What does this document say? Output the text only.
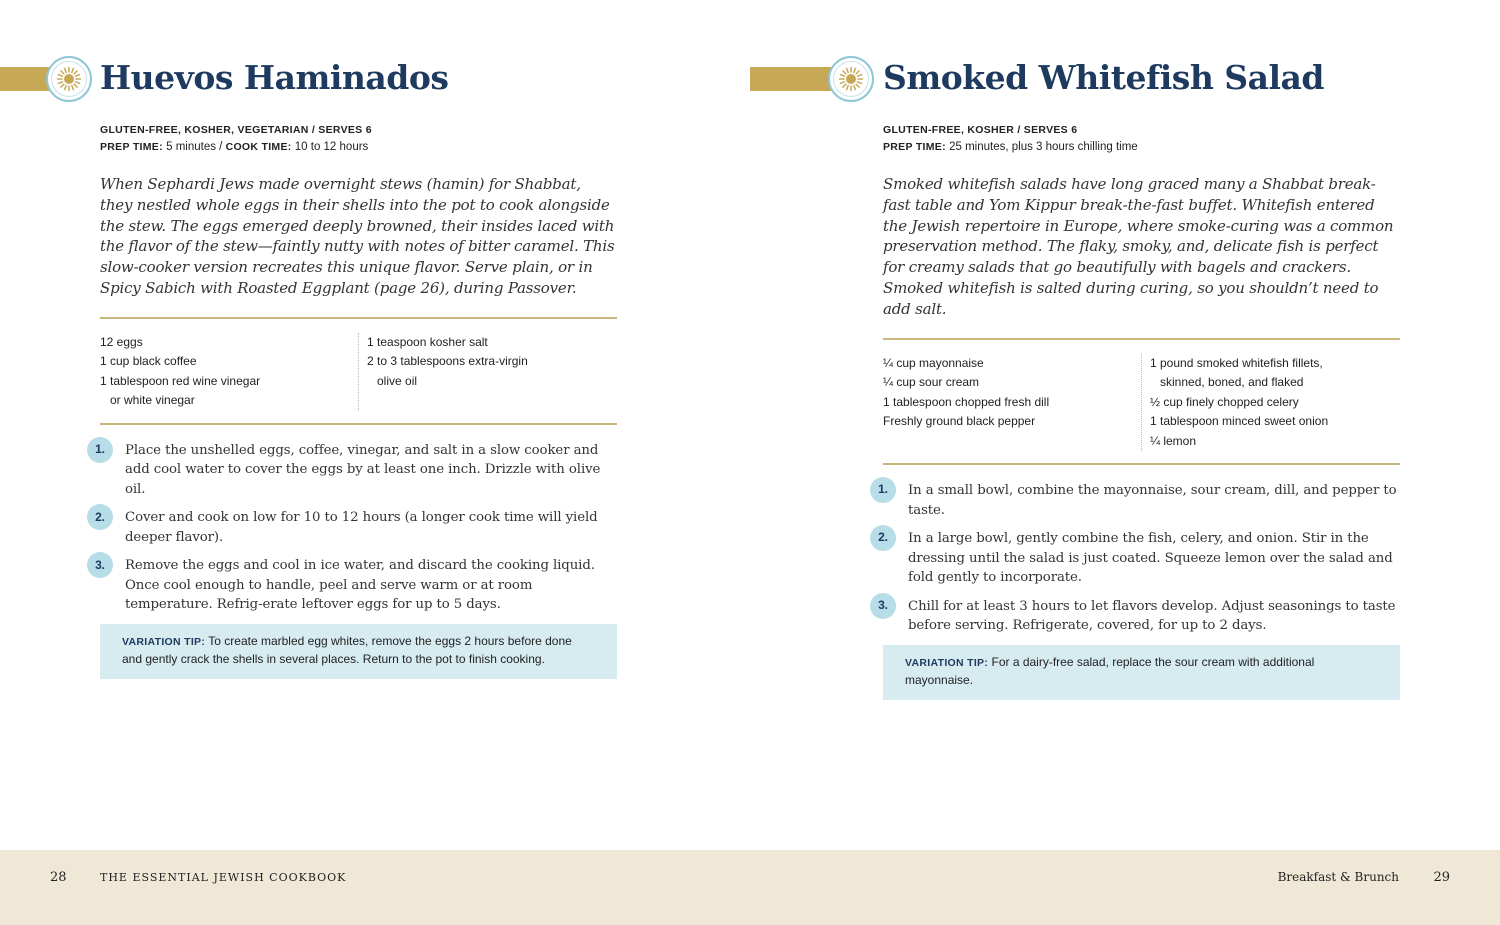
Huevos Haminados
GLUTEN-FREE, KOSHER, VEGETARIAN / SERVES 6
PREP TIME: 5 minutes / COOK TIME: 10 to 12 hours

When Sephardi Jews made overnight stews (hamin) for Shabbat, they nestled whole eggs in their shells into the pot to cook alongside the stew. The eggs emerged deeply browned, their insides laced with the flavor of the stew—faintly nutty with notes of bitter caramel. This slow-cooker version recreates this unique flavor. Serve plain, or in Spicy Sabich with Roasted Eggplant (page 26), during Passover.

12 eggs
1 cup black coffee
1 tablespoon red wine vinegar
or white vinegar
1 teaspoon kosher salt
2 to 3 tablespoons extra-virgin
olive oil
1.	Place the unshelled eggs, coffee, vinegar, and salt in a slow cooker and add cool water to cover the eggs by at least one inch. Drizzle with olive oil.
2.	Cover and cook on low for 10 to 12 hours (a longer cook time will yield deeper flavor).
3.	Remove the eggs and cool in ice water, and discard the cooking liquid. Once cool enough to handle, peel and serve warm or at room temperature. Refrig-erate leftover eggs for up to 5 days.
VARIATION TIP: To create marbled egg whites, remove the eggs 2 hours before done and gently crack the shells in several places. Return to the pot to finish cooking.
Smoked Whitefish Salad
GLUTEN-FREE, KOSHER / SERVES 6
PREP TIME: 25 minutes, plus 3 hours chilling time

Smoked whitefish salads have long graced many a Shabbat break-fast table and Yom Kippur break-the-fast buffet. Whitefish entered the Jewish repertoire in Europe, where smoke-curing was a common preservation method. The flaky, smoky, and, delicate fish is perfect for creamy salads that go beautifully with bagels and crackers. Smoked whitefish is salted during curing, so you shouldn’t need to add salt.

¼ cup mayonnaise
¼ cup sour cream
1 tablespoon chopped fresh dill
Freshly ground black pepper
1 pound smoked whitefish fillets,
skinned, boned, and flaked
½ cup finely chopped celery
1 tablespoon minced sweet onion
¼ lemon
1.	In a small bowl, combine the mayonnaise, sour cream, dill, and pepper to taste.
2.	In a large bowl, gently combine the fish, celery, and onion. Stir in the dressing until the salad is just coated. Squeeze lemon over the salad and fold gently to incorporate.
3.	Chill for at least 3 hours to let flavors develop. Adjust seasonings to taste before serving. Refrigerate, covered, for up to 2 days.
VARIATION TIP: For a dairy-free salad, replace the sour cream with additional mayonnaise.
28	THE ESSENTIAL JEWISH COOKBOOK	Breakfast & Brunch	29
